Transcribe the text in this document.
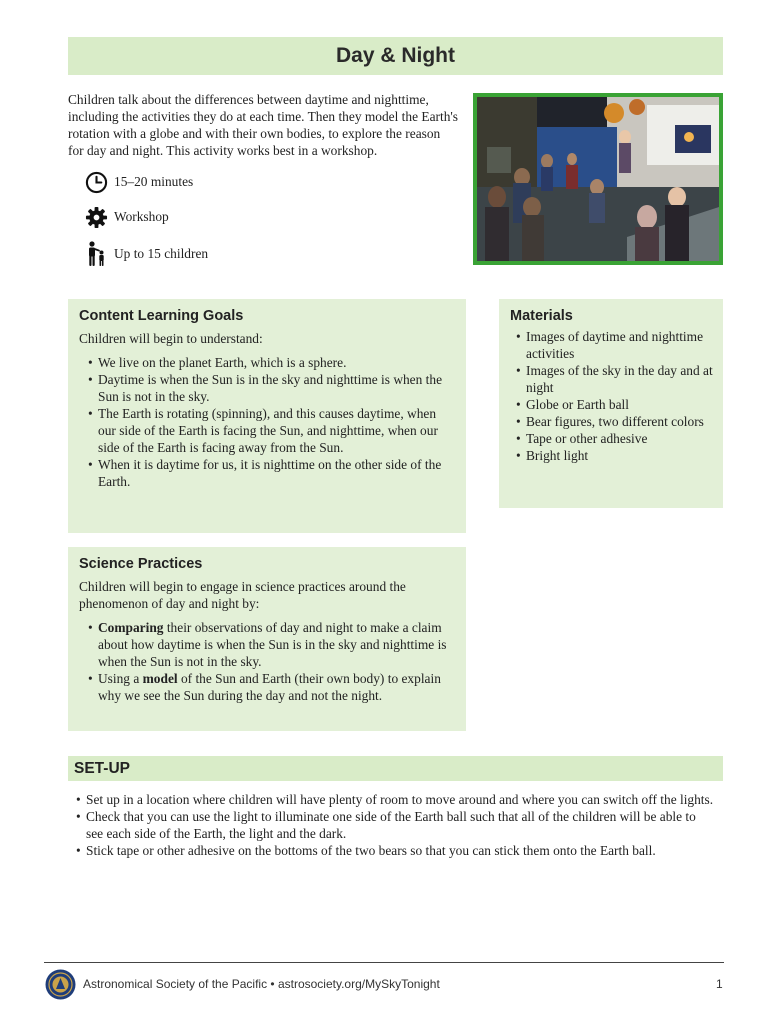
Day & Night

Children talk about the differences between daytime and nighttime, including the activities they do at each time. Then they model the Earth's rotation with a globe and with their own bodies, to explore the reason for day and night. This activity works best in a workshop.

15–20 minutes
Workshop
Up to 15 children
Content Learning Goals

Children will begin to understand:

• We live on the planet Earth, which is a sphere.
• Daytime is when the Sun is in the sky and nighttime is when the Sun is not in the sky.
• The Earth is rotating (spinning), and this causes daytime, when our side of the Earth is facing the Sun, and nighttime, when our side of the Earth is facing away from the Sun.
• When it is daytime for us, it is nighttime on the other side of the Earth.
Materials
• Images of daytime and nighttime activities
• Images of the sky in the day and at night
• Globe or Earth ball
• Bear figures, two different colors
• Tape or other adhesive
• Bright light
Science Practices

Children will begin to engage in science practices around the phenomenon of day and night by:

• Comparing their observations of day and night to make a claim about how daytime is when the Sun is in the sky and nighttime is when the Sun is not in the sky.
• Using a model of the Sun and Earth (their own body) to explain why we see the Sun during the day and not the night.
SET-UP
• Set up in a location where children will have plenty of room to move around and where you can switch off the lights.
• Check that you can use the light to illuminate one side of the Earth ball such that all of the children will be able to see each side of the Earth, the light and the dark.
• Stick tape or other adhesive on the bottoms of the two bears so that you can stick them onto the Earth ball.
Astronomical Society of the Pacific • astrosociety.org/MySkyTonight	1
